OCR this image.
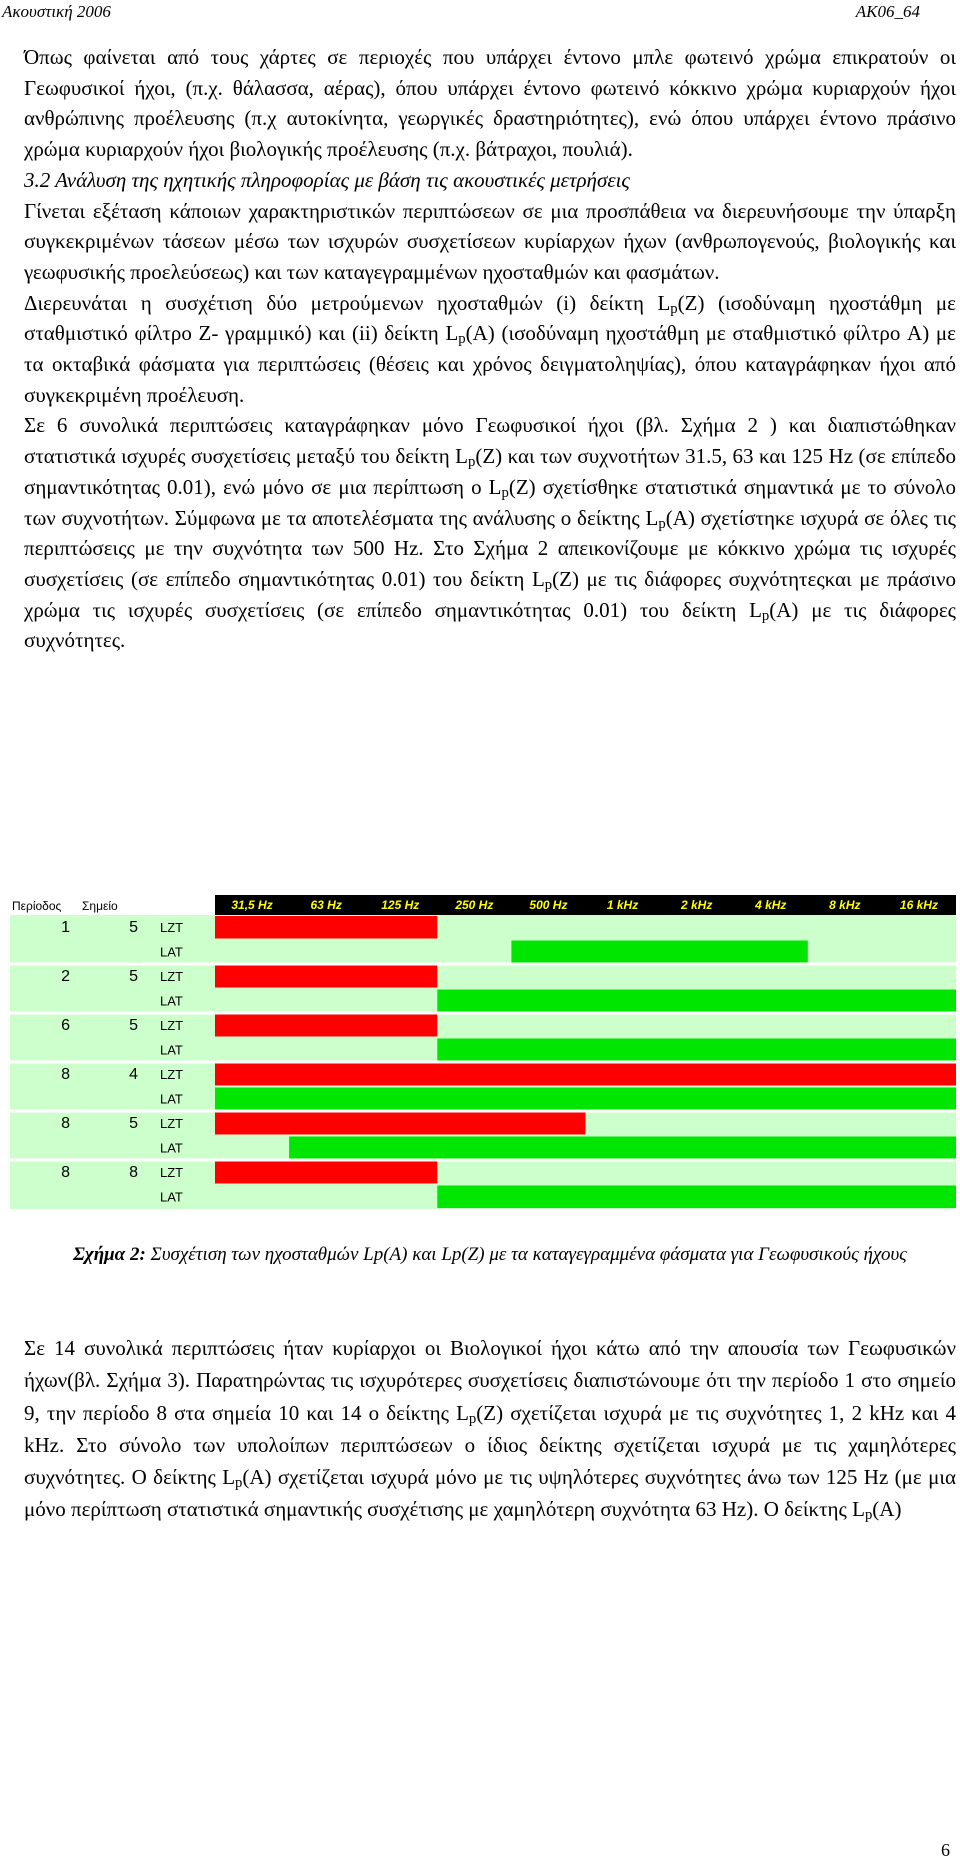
Ακουστική 2006	AK06_64

Όπως φαίνεται από τους χάρτες σε περιοχές που υπάρχει έντονο μπλε φωτεινό χρώμα επικρατούν οι Γεωφυσικοί ήχοι, (π.χ. θάλασσα, αέρας), όπου υπάρχει έντονο φωτεινό κόκκινο χρώμα κυριαρχούν ήχοι ανθρώπινης προέλευσης (π.χ αυτοκίνητα, γεωργικές δραστηριότητες), ενώ όπου υπάρχει έντονο πράσινο χρώμα κυριαρχούν ήχοι βιολογικής προέλευσης (π.χ. βάτραχοι, πουλιά).

3.2 Ανάλυση της ηχητικής πληροφορίας με βάση τις ακουστικές μετρήσεις

Γίνεται εξέταση κάποιων χαρακτηριστικών περιπτώσεων σε μια προσπάθεια να διερευνήσουμε την ύπαρξη συγκεκριμένων τάσεων μέσω των ισχυρών συσχετίσεων κυρίαρχων ήχων (ανθρωπογενούς, βιολογικής και γεωφυσικής προελεύσεως) και των καταγεγραμμένων ηχοσταθμών και φασμάτων.

Διερευνάται η συσχέτιση δύο μετρούμενων ηχοσταθμών (i) δείκτη $L_p(Z)$ (ισοδύναμη ηχοστάθμη με σταθμιστικό φίλτρο Z- γραμμικό) και (ii) δείκτη $L_p(A)$ (ισοδύναμη ηχοστάθμη με σταθμιστικό φίλτρο A) με τα οκταβικά φάσματα για περιπτώσεις (θέσεις και χρόνος δειγματοληψίας), όπου καταγράφηκαν ήχοι από συγκεκριμένη προέλευση.

Σε 6 συνολικά περιπτώσεις καταγράφηκαν μόνο Γεωφυσικοί ήχοι (βλ. Σχήμα 2 ) και διαπιστώθηκαν στατιστικά ισχυρές συσχετίσεις μεταξύ του δείκτη $L_p(Z)$ και των συχνοτήτων 31.5, 63 και 125 Hz (σε επίπεδο σημαντικότητας 0.01), ενώ μόνο σε μια περίπτωση ο $L_p(Z)$ σχετίσθηκε στατιστικά σημαντικά με το σύνολο των συχνοτήτων. Σύμφωνα με τα αποτελέσματα της ανάλυσης ο δείκτης $L_p(A)$ σχετίστηκε ισχυρά σε όλες τις περιπτώσειςς με την συχνότητα των 500 Hz. Στο Σχήμα 2 απεικονίζουμε με κόκκινο χρώμα τις ισχυρές συσχετίσεις (σε επίπεδο σημαντικότητας 0.01) του δείκτη $L_p(Z)$ με τις διάφορες συχνότητεςκαι με πράσινο χρώμα τις ισχυρές συσχετίσεις (σε επίπεδο σημαντικότητας 0.01) του δείκτη $L_p(A)$ με τις διάφορες συχνότητες.

Περίοδος Σημείο	31,5 Hz	63 Hz	125 Hz	250 Hz	500 Hz	1 kHz	2 kHz	4 kHz	8 kHz	16 kHz
1	5 LZT
LAT
2	5 LZT
LAT
6	5 LZT
LAT
8	4 LZT
LAT
8	5 LZT
LAT
8	8 LZT
LAT
Σχήμα 2: Συσχέτιση των ηχοσταθμών Lp(A) και Lp(Z) με τα καταγεγραμμένα φάσματα για Γεωφυσικούς ήχους

Σε 14 συνολικά περιπτώσεις ήταν κυρίαρχοι οι Βιολογικοί ήχοι κάτω από την απουσία των Γεωφυσικών ήχων(βλ. Σχήμα 3). Παρατηρώντας τις ισχυρότερες συσχετίσεις διαπιστώνουμε ότι την περίοδο 1 στο σημείο 9, την περίοδο 8 στα σημεία 10 και 14 ο δείκτης $L_p(Z)$ σχετίζεται ισχυρά με τις συχνότητες 1, 2 kHz και 4 kHz. Στο σύνολο των υπολοίπων περιπτώσεων ο ίδιος δείκτης σχετίζεται ισχυρά με τις χαμηλότερες συχνότητες. Ο δείκτης $L_p(A)$ σχετίζεται ισχυρά μόνο με τις υψηλότερες συχνότητες άνω των 125 Hz (με μια μόνο περίπτωση στατιστικά σημαντικής συσχέτισης με χαμηλότερη συχνότητα 63 Hz). Ο δείκτης $L_p(A)$

6
